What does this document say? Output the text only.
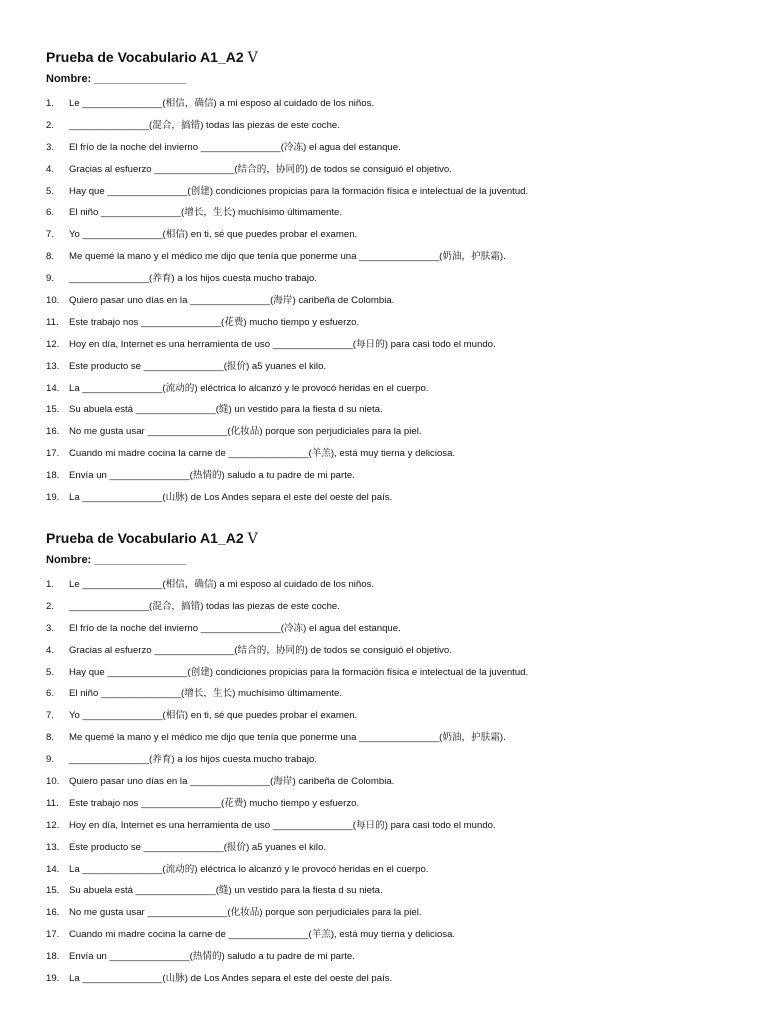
Prueba de Vocabulario A1_A2 V
Nombre: _______________
1.	Le _______________(相信，确信) a mi esposo al cuidado de los niños.
2.	_______________(混合，搞错) todas las piezas de este coche.
3.	El frío de la noche del invierno _______________(冷冻) el agua del estanque.
4.	Gracias al esfuerzo _______________(结合的，协同的) de todos se consiguió el objetivo.
5.	Hay que _______________(创建) condiciones propicias para la formación física e intelectual de la juventud.
6.	El niño _______________(增长，生长) muchísimo últimamente.
7.	Yo _______________(相信) en ti, sé que puedes probar el examen.
8.	Me quemé la mano y el médico me dijo que tenía que ponerme una _______________(奶油，护肤霜).
9.	_______________(养育) a los hijos cuesta mucho trabajo.
10.	Quiero pasar uno días en la _______________(海岸) caribeña de Colombia.
11.	Este trabajo nos _______________(花费) mucho tiempo y esfuerzo.
12.	Hoy en día, Internet es una herramienta de uso _______________(每日的) para casi todo el mundo.
13.	Este producto se _______________(报价) a5 yuanes el kilo.
14.	La _______________(流动的) eléctrica lo alcanzó y le provocó heridas en el cuerpo.
15.	Su abuela está _______________(缝) un vestido para la fiesta d su nieta.
16.	No me gusta usar _______________(化妆品) porque son perjudiciales para la piel.
17.	Cuando mi madre cocina la carne de _______________(羊羔), está muy tierna y deliciosa.
18.	Envía un _______________(热情的) saludo a tu padre de mi parte.
19.	La _______________(山脉) de Los Andes separa el este del oeste del país.
Prueba de Vocabulario A1_A2 V
Nombre: _______________
1.	Le _______________(相信，确信) a mi esposo al cuidado de los niños.
2.	_______________(混合，搞错) todas las piezas de este coche.
3.	El frío de la noche del invierno _______________(冷冻) el agua del estanque.
4.	Gracias al esfuerzo _______________(结合的，协同的) de todos se consiguió el objetivo.
5.	Hay que _______________(创建) condiciones propicias para la formación física e intelectual de la juventud.
6.	El niño _______________(增长，生长) muchísimo últimamente.
7.	Yo _______________(相信) en ti, sé que puedes probar el examen.
8.	Me quemé la mano y el médico me dijo que tenía que ponerme una _______________(奶油，护肤霜).
9.	_______________(养育) a los hijos cuesta mucho trabajo.
10.	Quiero pasar uno días en la _______________(海岸) caribeña de Colombia.
11.	Este trabajo nos _______________(花费) mucho tiempo y esfuerzo.
12.	Hoy en día, Internet es una herramienta de uso _______________(每日的) para casi todo el mundo.
13.	Este producto se _______________(报价) a5 yuanes el kilo.
14.	La _______________(流动的) eléctrica lo alcanzó y le provocó heridas en el cuerpo.
15.	Su abuela está _______________(缝) un vestido para la fiesta d su nieta.
16.	No me gusta usar _______________(化妆品) porque son perjudiciales para la piel.
17.	Cuando mi madre cocina la carne de _______________(羊羔), está muy tierna y deliciosa.
18.	Envía un _______________(热情的) saludo a tu padre de mi parte.
19.	La _______________(山脉) de Los Andes separa el este del oeste del país.
